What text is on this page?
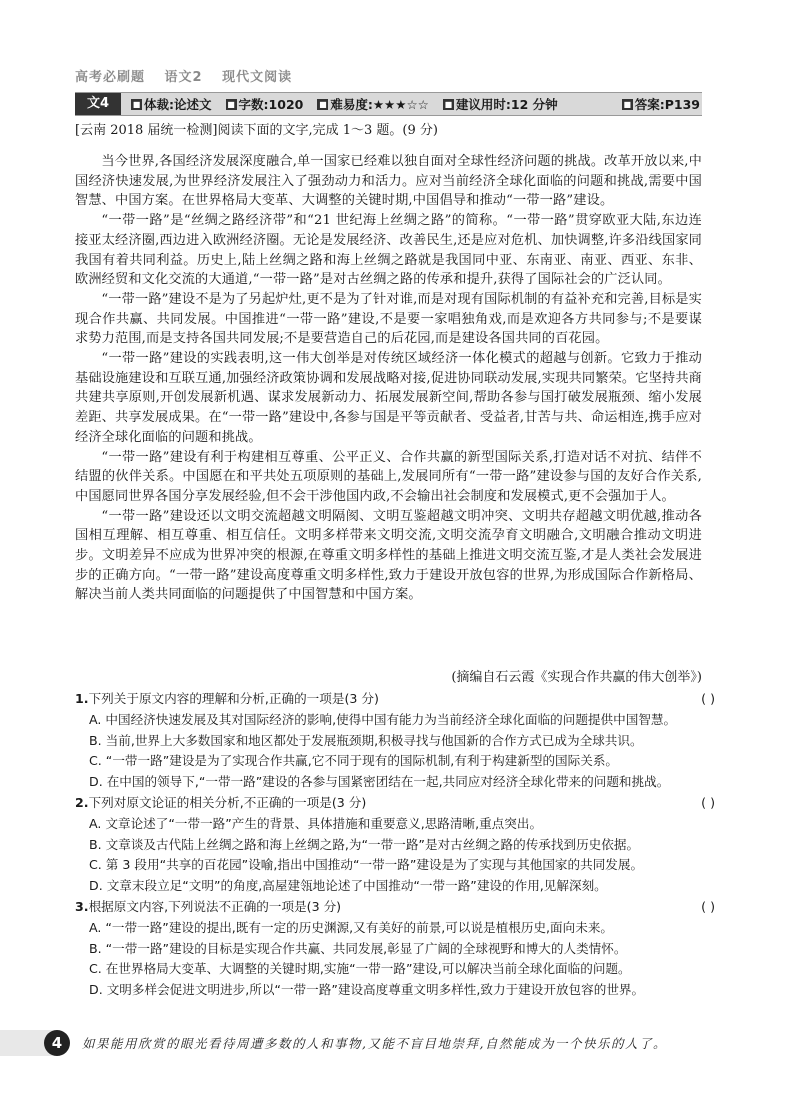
高考必刷题 语文2 现代文阅读
文4	■ 体裁:论述文 ■ 字数:1020 ■ 难易度:★★★☆☆ ■ 建议用时:12 分钟	■ 答案:P139
[云南 2018 届统一检测]阅读下面的文字,完成 1～3 题。(9 分)

当今世界,各国经济发展深度融合,单一国家已经难以独自面对全球性经济问题的挑战。改革开放以来,中国经济快速发展,为世界经济发展注入了强劲动力和活力。应对当前经济全球化面临的问题和挑战,需要中国智慧、中国方案。在世界格局大变革、大调整的关键时期,中国倡导和推动“一带一路”建设。

“一带一路”是“丝绸之路经济带”和“21 世纪海上丝绸之路”的简称。“一带一路”贯穿欧亚大陆,东边连接亚太经济圈,西边进入欧洲经济圈。无论是发展经济、改善民生,还是应对危机、加快调整,许多沿线国家同我国有着共同利益。历史上,陆上丝绸之路和海上丝绸之路就是我国同中亚、东南亚、南亚、西亚、东非、欧洲经贸和文化交流的大通道,“一带一路”是对古丝绸之路的传承和提升,获得了国际社会的广泛认同。

“一带一路”建设不是为了另起炉灶,更不是为了针对谁,而是对现有国际机制的有益补充和完善,目标是实现合作共赢、共同发展。中国推进“一带一路”建设,不是要一家唱独角戏,而是欢迎各方共同参与;不是要谋求势力范围,而是支持各国共同发展;不是要营造自己的后花园,而是建设各国共同的百花园。

“一带一路”建设的实践表明,这一伟大创举是对传统区域经济一体化模式的超越与创新。它致力于推动基础设施建设和互联互通,加强经济政策协调和发展战略对接,促进协同联动发展,实现共同繁荣。它坚持共商共建共享原则,开创发展新机遇、谋求发展新动力、拓展发展新空间,帮助各参与国打破发展瓶颈、缩小发展差距、共享发展成果。在“一带一路”建设中,各参与国是平等贡献者、受益者,甘苦与共、命运相连,携手应对经济全球化面临的问题和挑战。

“一带一路”建设有利于构建相互尊重、公平正义、合作共赢的新型国际关系,打造对话不对抗、结伴不结盟的伙伴关系。中国愿在和平共处五项原则的基础上,发展同所有“一带一路”建设参与国的友好合作关系,中国愿同世界各国分享发展经验,但不会干涉他国内政,不会输出社会制度和发展模式,更不会强加于人。

“一带一路”建设还以文明交流超越文明隔阂、文明互鉴超越文明冲突、文明共存超越文明优越,推动各国相互理解、相互尊重、相互信任。文明多样带来文明交流,文明交流孕育文明融合,文明融合推动文明进步。文明差异不应成为世界冲突的根源,在尊重文明多样性的基础上推进文明交流互鉴,才是人类社会发展进步的正确方向。“一带一路”建设高度尊重文明多样性,致力于建设开放包容的世界,为形成国际合作新格局、解决当前人类共同面临的问题提供了中国智慧和中国方案。

(摘编自石云霞《实现合作共赢的伟大创举》)
1.下列关于原文内容的理解和分析,正确的一项是(3 分)	( )
A. 中国经济快速发展及其对国际经济的影响,使得中国有能力为当前经济全球化面临的问题提供中国智慧。
B. 当前,世界上大多数国家和地区都处于发展瓶颈期,积极寻找与他国新的合作方式已成为全球共识。
C. “一带一路”建设是为了实现合作共赢,它不同于现有的国际机制,有利于构建新型的国际关系。
D. 在中国的领导下,“一带一路”建设的各参与国紧密团结在一起,共同应对经济全球化带来的问题和挑战。
2.下列对原文论证的相关分析,不正确的一项是(3 分)	( )
A. 文章论述了“一带一路”产生的背景、具体措施和重要意义,思路清晰,重点突出。
B. 文章谈及古代陆上丝绸之路和海上丝绸之路,为“一带一路”是对古丝绸之路的传承找到历史依据。
C. 第 3 段用“共享的百花园”设喻,指出中国推动“一带一路”建设是为了实现与其他国家的共同发展。
D. 文章末段立足“文明”的角度,高屋建瓴地论述了中国推动“一带一路”建设的作用,见解深刻。
3.根据原文内容,下列说法不正确的一项是(3 分)	( )
A. “一带一路”建设的提出,既有一定的历史渊源,又有美好的前景,可以说是植根历史,面向未来。
B. “一带一路”建设的目标是实现合作共赢、共同发展,彰显了广阔的全球视野和博大的人类情怀。
C. 在世界格局大变革、大调整的关键时期,实施“一带一路”建设,可以解决当前全球化面临的问题。
D. 文明多样会促进文明进步,所以“一带一路”建设高度尊重文明多样性,致力于建设开放包容的世界。
4	如果能用欣赏的眼光看待周遭多数的人和事物,又能不盲目地崇拜,自然能成为一个快乐的人了。
